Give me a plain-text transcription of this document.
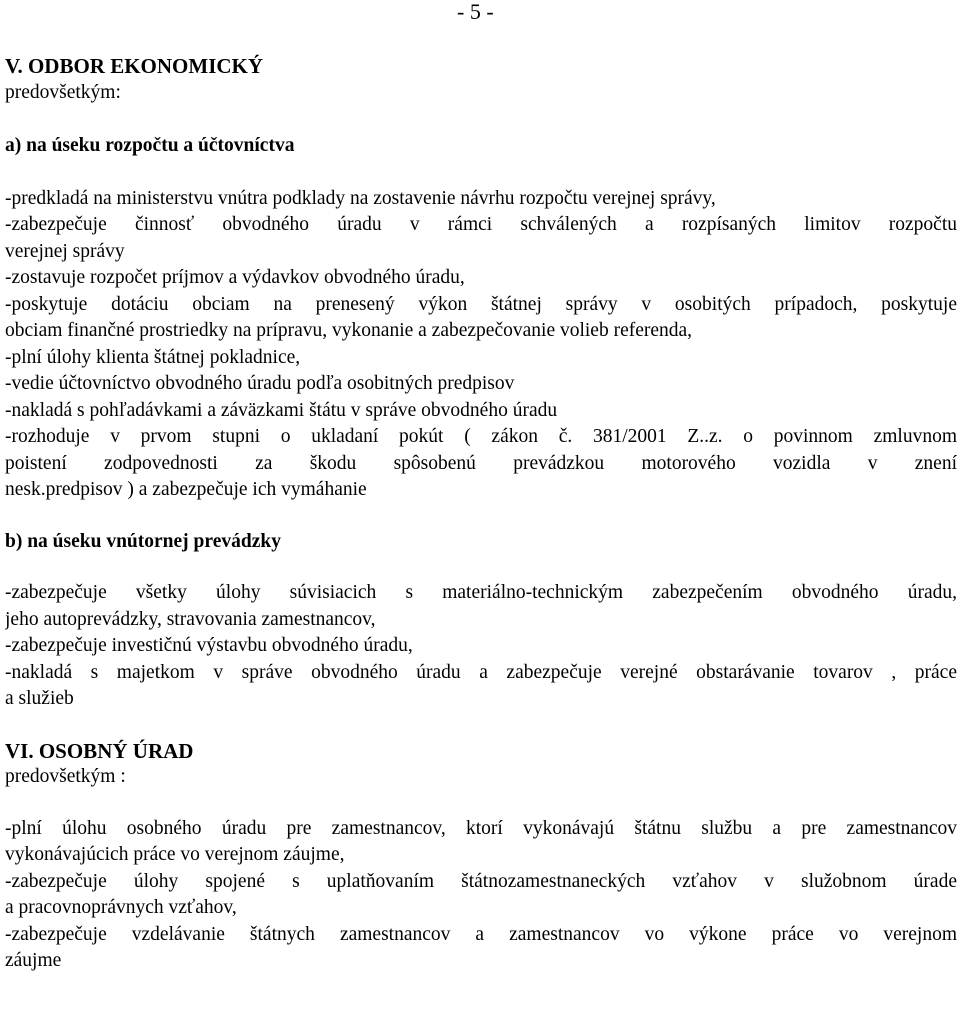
- 5 -
V. ODBOR EKONOMICKÝ
predovšetkým:
a) na úseku rozpočtu a účtovníctva
-predkladá na ministerstvu vnútra podklady na zostavenie návrhu rozpočtu verejnej správy,
-zabezpečuje činnosť obvodného úradu v rámci schválených a rozpísaných limitov rozpočtu
verejnej správy
-zostavuje rozpočet príjmov a výdavkov obvodného úradu,
-poskytuje dotáciu obciam na prenesený výkon štátnej správy v osobitých prípadoch, poskytuje
obciam finančné prostriedky na prípravu, vykonanie a zabezpečovanie volieb referenda,
-plní úlohy klienta štátnej pokladnice,
-vedie účtovníctvo obvodného úradu podľa osobitných predpisov
-nakladá s pohľadávkami a záväzkami štátu v správe obvodného úradu
-rozhoduje v prvom stupni o ukladaní pokút ( zákon č. 381/2001 Z..z. o povinnom zmluvnom
poistení zodpovednosti za škodu spôsobenú prevádzkou motorového vozidla v znení
nesk.predpisov ) a zabezpečuje ich vymáhanie
b) na úseku vnútornej prevádzky
-zabezpečuje všetky úlohy súvisiacich s materiálno-technickým zabezpečením obvodného úradu,
jeho autoprevádzky, stravovania zamestnancov,
-zabezpečuje investičnú výstavbu obvodného úradu,
-nakladá s majetkom v správe obvodného úradu a zabezpečuje verejné obstarávanie tovarov , práce
a služieb
VI. OSOBNÝ ÚRAD
predovšetkým :
-plní úlohu osobného úradu pre zamestnancov, ktorí vykonávajú štátnu službu a pre zamestnancov
vykonávajúcich práce vo verejnom záujme,
-zabezpečuje úlohy spojené s uplatňovaním štátnozamestnaneckých vzťahov v služobnom úrade
a pracovnoprávnych vzťahov,
-zabezpečuje vzdelávanie štátnych zamestnancov a zamestnancov vo výkone práce vo verejnom
záujme
